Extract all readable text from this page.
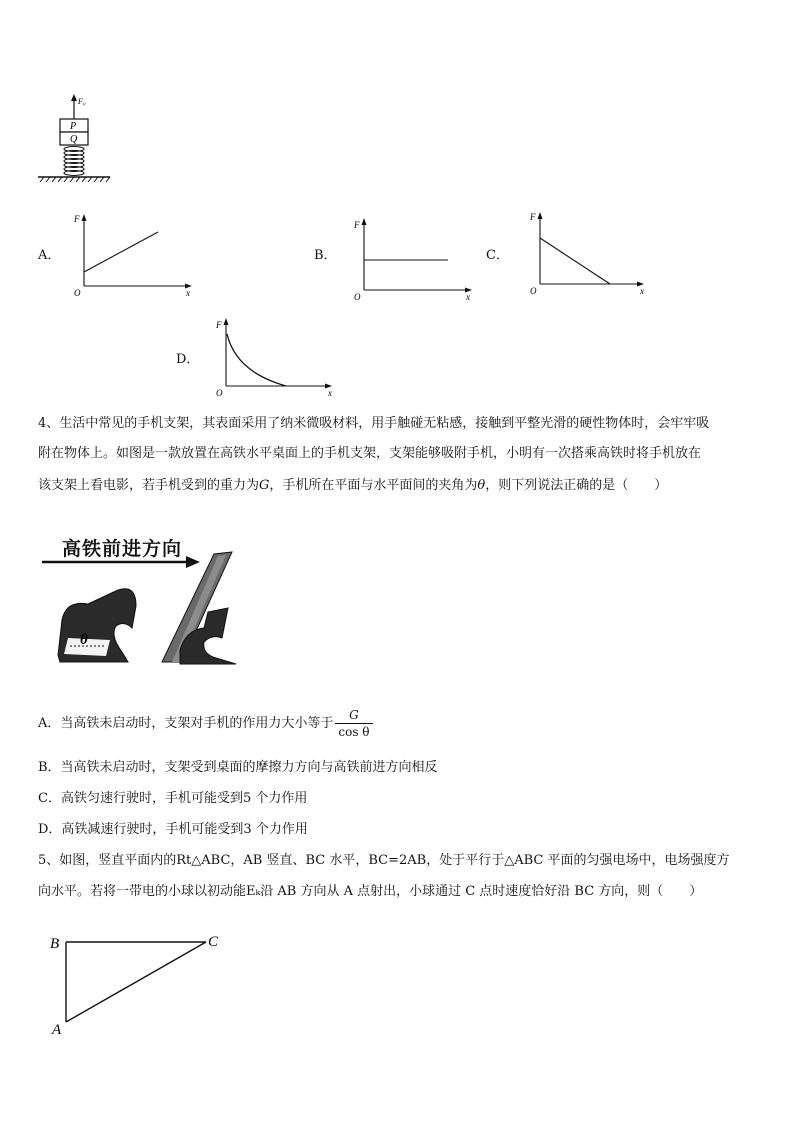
F₀
P
Q
A．
F
x
O
B．
F
x
O
C．
F
x
O
D．
F
x
O
4、生活中常见的手机支架，其表面采用了纳米微吸材料，用手触碰无粘感，接触到平整光滑的硬性物体时，会牢牢吸
附在物体上。如图是一款放置在高铁水平桌面上的手机支架，支架能够吸附手机，小明有一次搭乘高铁时将手机放在
该支架上看电影，若手机受到的重力为G，手机所在平面与水平面间的夹角为θ，则下列说法正确的是（　　）
高铁前进方向
θ
A．当高铁未启动时，支架对手机的作用力大小等于 $\frac{G}{\text{cos θ}}$
B．当高铁未启动时，支架受到桌面的摩擦力方向与高铁前进方向相反
C．高铁匀速行驶时，手机可能受到5 个力作用
D．高铁减速行驶时，手机可能受到3 个力作用
5、如图，竖直平面内的Rt△ABC，AB 竖直、BC 水平，BC=2AB，处于平行于△ABC 平面的匀强电场中，电场强度方
向水平。若将一带电的小球以初动能Eₖ沿 AB 方向从 A 点射出，小球通过 C 点时速度恰好沿 BC 方向，则（　　）
B	C
A
